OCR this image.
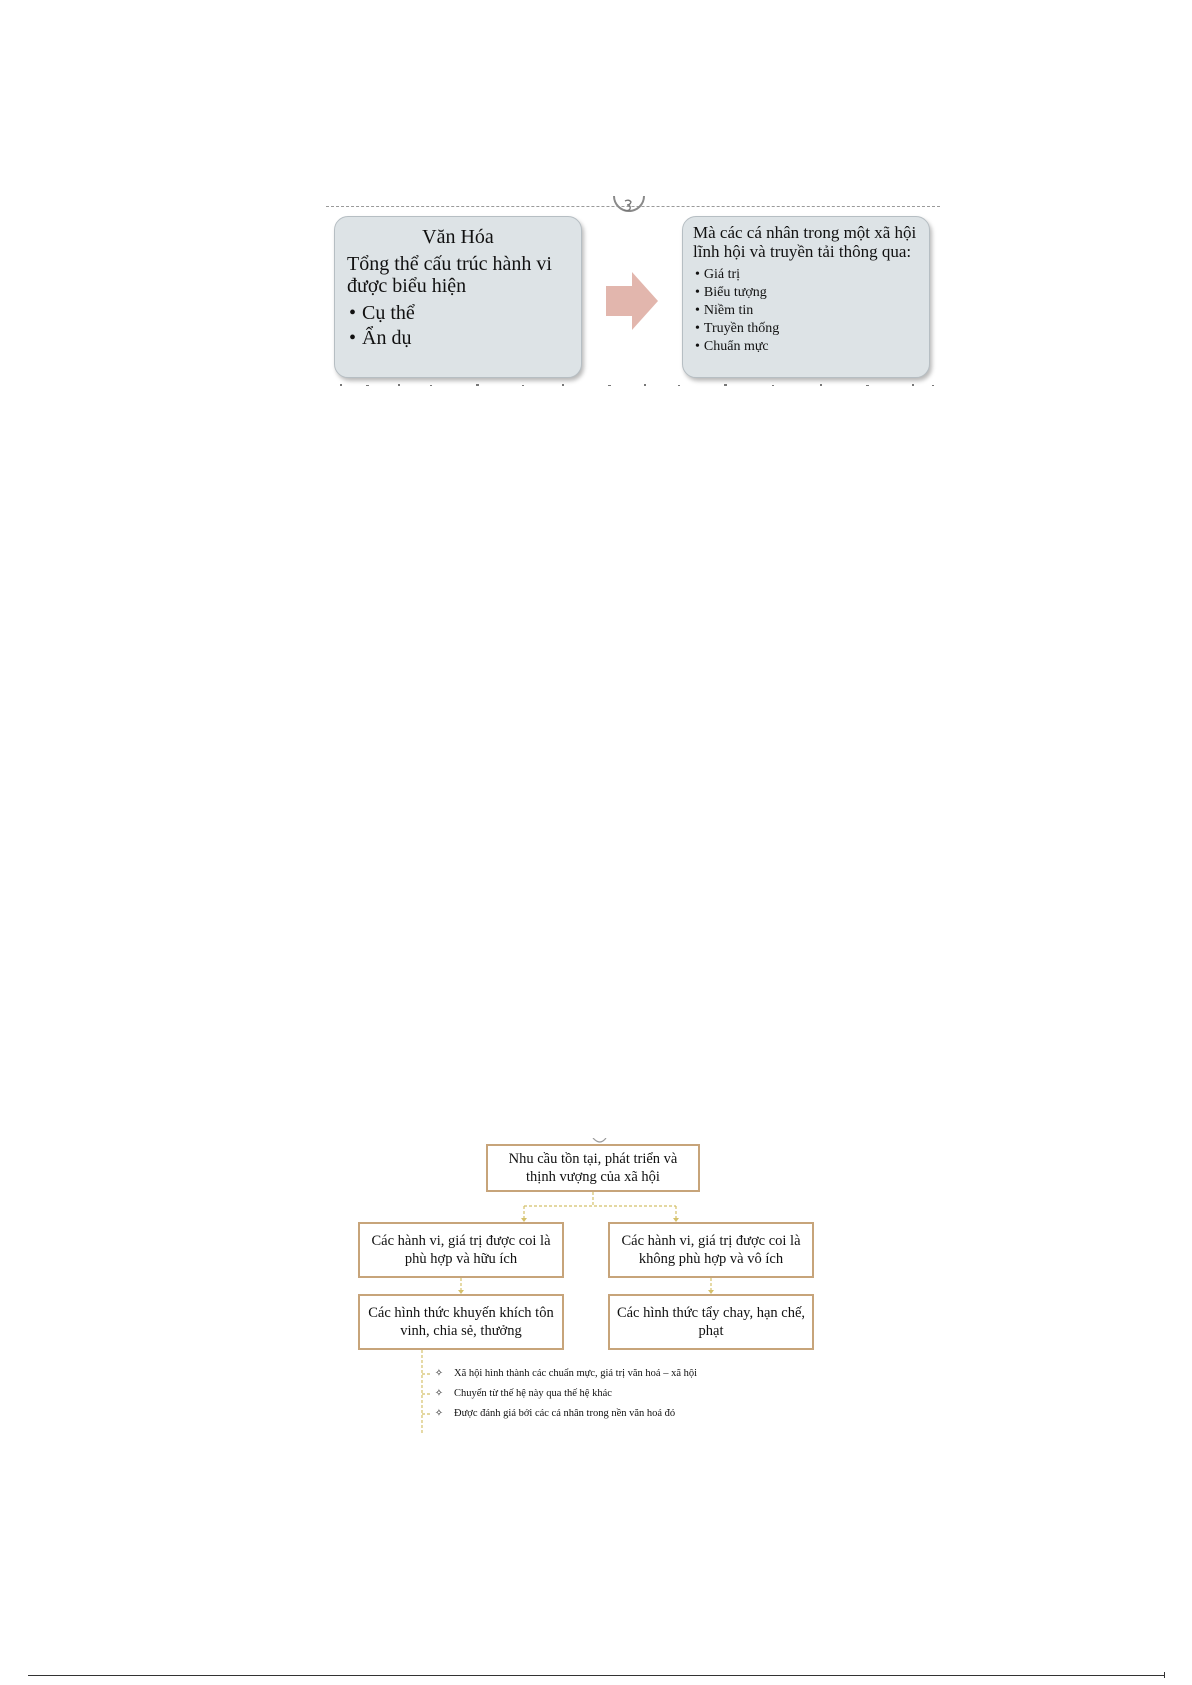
Văn Hóa
Tổng thể cấu trúc hành vi được biểu hiện
• Cụ thể
• Ẩn dụ
Mà các cá nhân trong một xã hội lĩnh hội và truyền tải thông qua:
• Giá trị
• Biểu tượng
• Niềm tin
• Truyền thống
• Chuẩn mực
Nhu cầu tồn tại, phát triển và thịnh vượng của xã hội
Các hành vi, giá trị được coi là phù hợp và hữu ích
Các hành vi, giá trị được coi là không phù hợp và vô ích
Các hình thức khuyến khích tôn vinh, chia sẻ, thưởng
Các hình thức tẩy chay, hạn chế, phạt
✧ Xã hội hình thành các chuẩn mực, giá trị văn hoá – xã hội
✧ Chuyển từ thế hệ này qua thế hệ khác
✧ Được đánh giá bởi các cá nhân trong nền văn hoá đó
